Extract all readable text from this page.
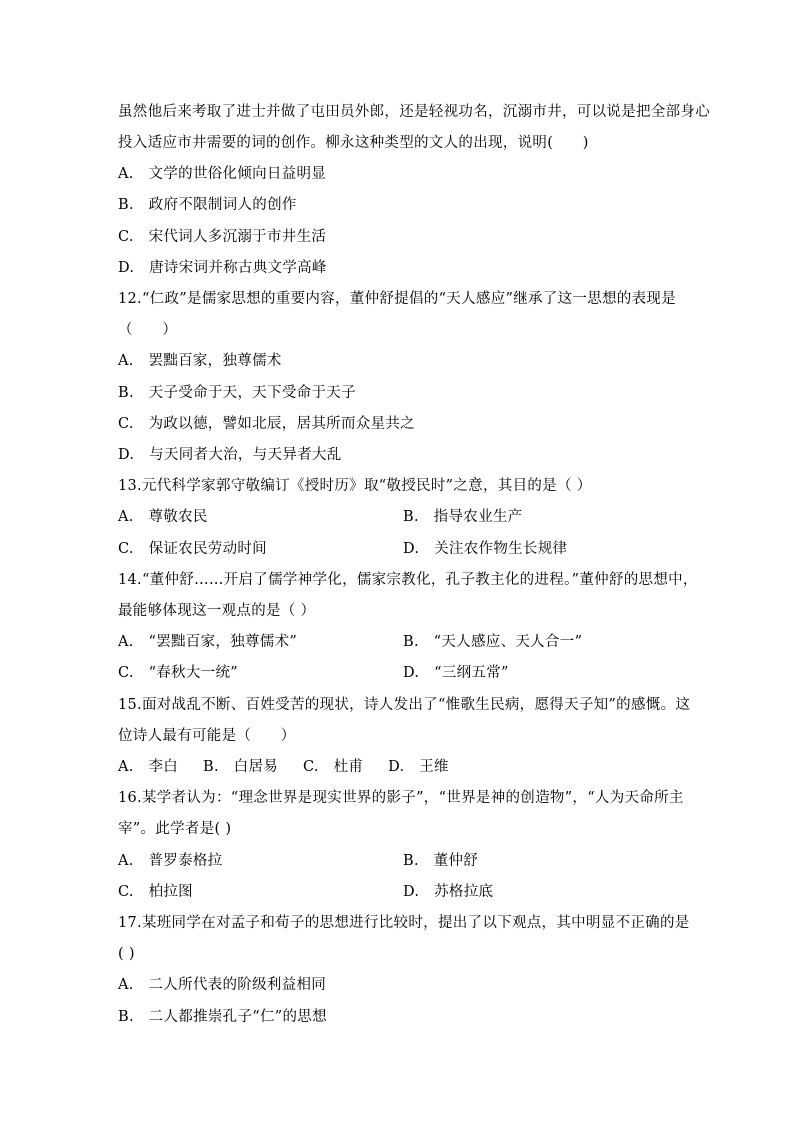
虽然他后来考取了进士并做了屯田员外郎，还是轻视功名，沉溺市井，可以说是把全部身心
投入适应市井需要的词的创作。柳永这种类型的文人的出现，说明(　　)
A.　文学的世俗化倾向日益明显
B.　政府不限制词人的创作
C.　宋代词人多沉溺于市井生活
D.　唐诗宋词并称古典文学高峰
12.“仁政”是儒家思想的重要内容，董仲舒提倡的“天人感应”继承了这一思想的表现是
（　　）
A.　罢黜百家，独尊儒术
B.　天子受命于天，天下受命于天子
C.　为政以德，譬如北辰，居其所而众星共之
D.　与天同者大治，与天异者大乱
13.元代科学家郭守敬编订《授时历》取“敬授民时”之意，其目的是（ ）
A.　尊敬农民	B.　指导农业生产
C.　保证农民劳动时间	D.　关注农作物生长规律
14.“董仲舒……开启了儒学神学化，儒家宗教化，孔子教主化的进程。”董仲舒的思想中，
最能够体现这一观点的是（ ）
A.　“罢黜百家，独尊儒术”	B.　“天人感应、天人合一”
C.　“春秋大一统”	D.　“三纲五常”
15.面对战乱不断、百姓受苦的现状，诗人发出了“惟歌生民病，愿得天子知”的感慨。这
位诗人最有可能是（　　）
A.　李白 B.　白居易 C.　杜甫 D.　王维
16.某学者认为：“理念世界是现实世界的影子”，“世界是神的创造物”，“人为天命所主
宰”。此学者是( )
A.　普罗泰格拉	B.　董仲舒
C.　柏拉图	D.　苏格拉底
17.某班同学在对孟子和荀子的思想进行比较时，提出了以下观点，其中明显不正确的是
( )
A.　二人所代表的阶级利益相同
B.　二人都推崇孔子“仁”的思想
